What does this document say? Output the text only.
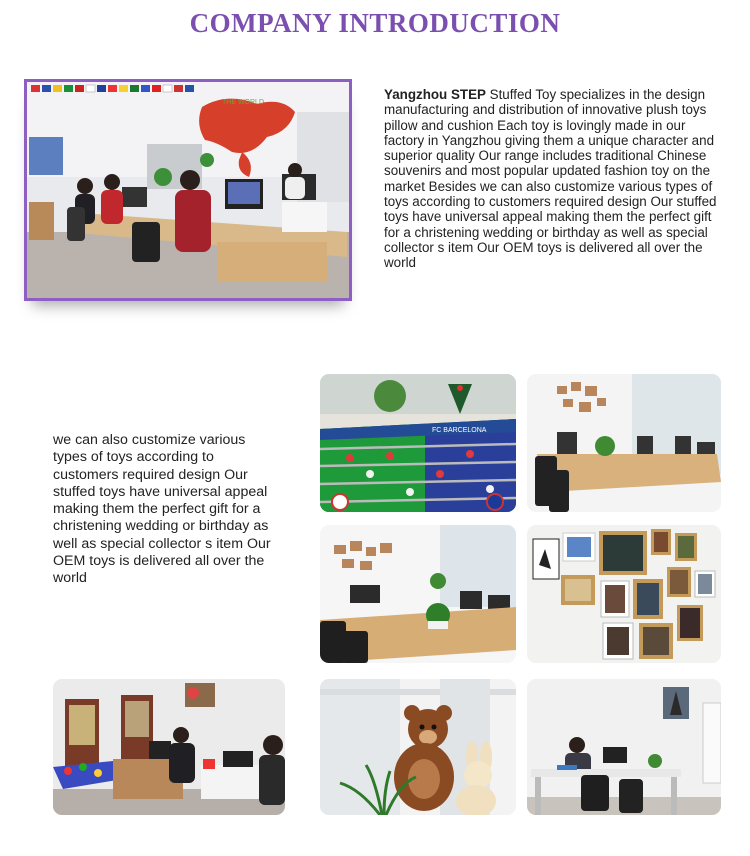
COMPANY INTRODUCTION
THE WORLD
Yangzhou STEP Stuffed Toy specializes in the design manufacturing and distribution of innovative plush toys pillow and cushion Each toy is lovingly made in our factory in Yangzhou giving them a unique character and superior quality Our range includes traditional Chinese souvenirs and most popular updated fashion toy on the market Besides we can also customize various types of toys according to customers required design Our stuffed toys have universal appeal making them the perfect gift for a christening wedding or birthday as well as special collector s item Our OEM toys is delivered all over the world
we can also customize various types of toys according to customers required design Our stuffed toys have universal appeal making them the perfect gift for a christening wedding or birthday as well as special collector s item Our OEM toys is delivered all over the world
FC BARCELONA
